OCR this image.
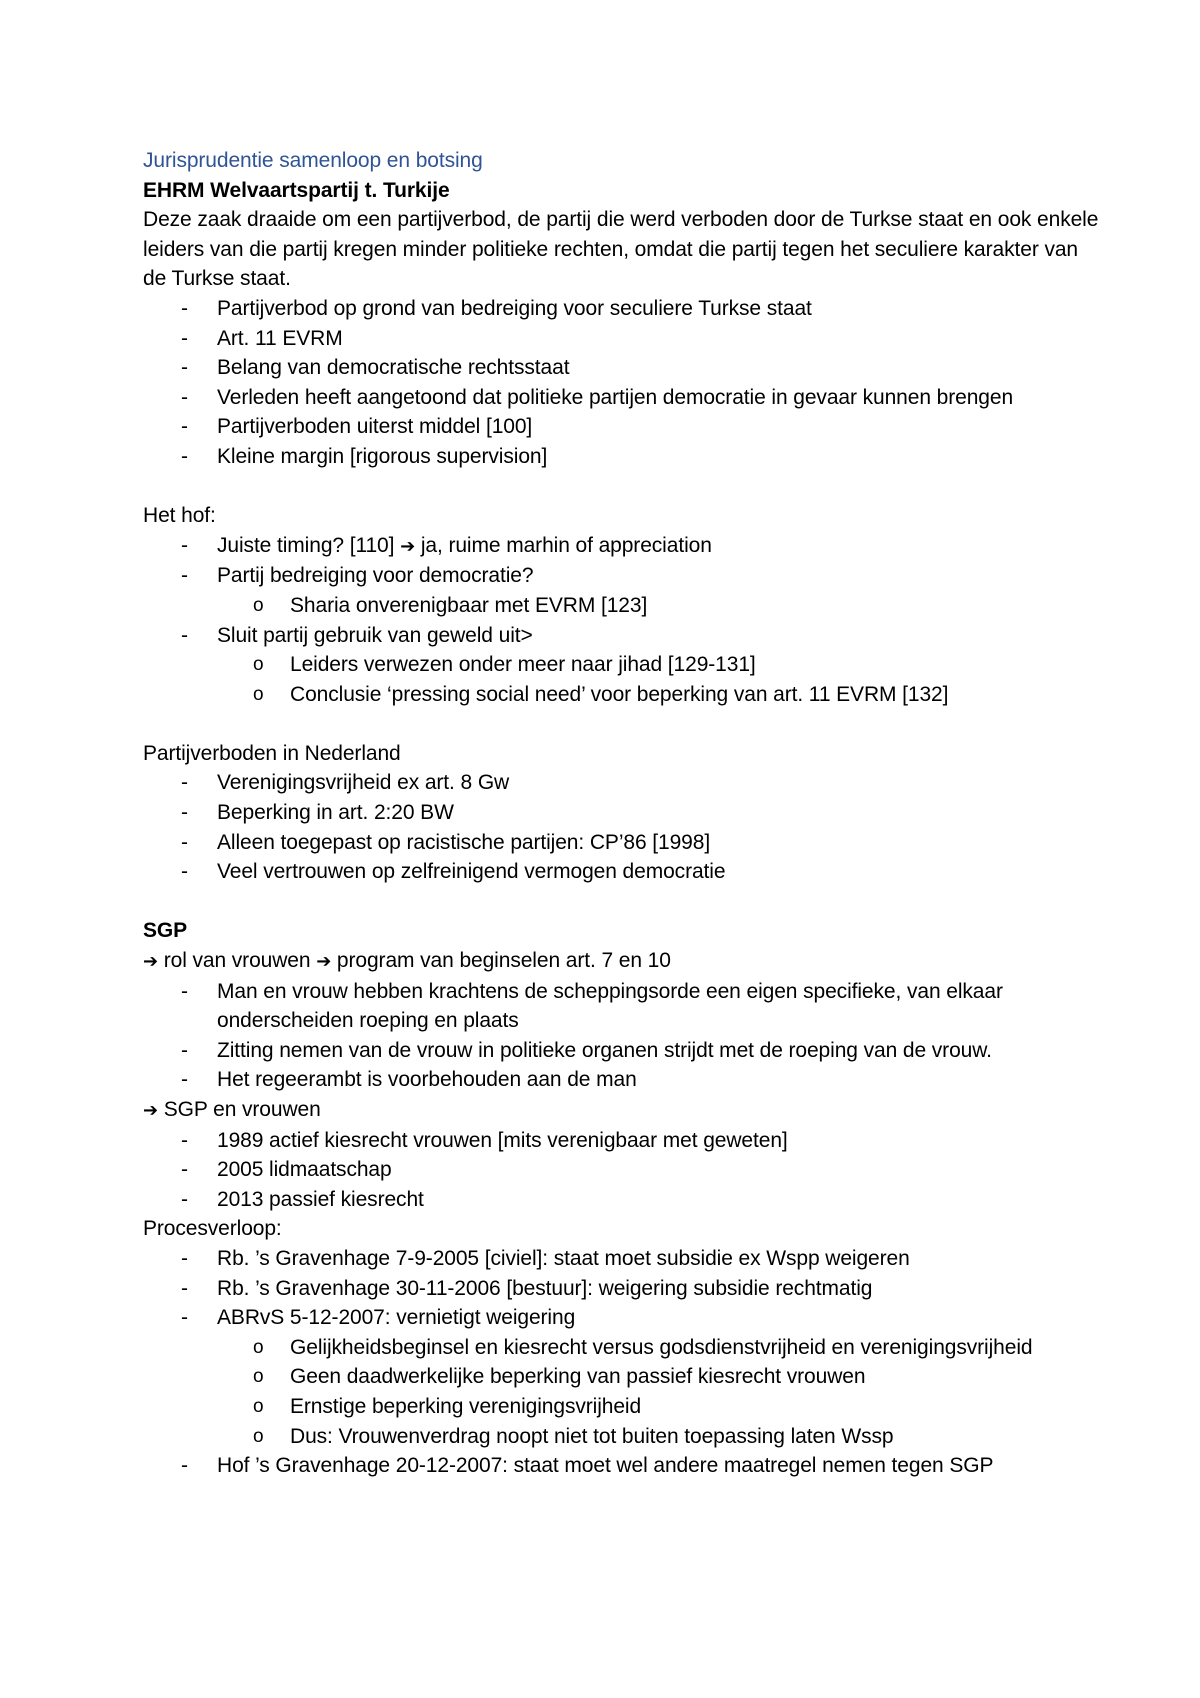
Jurisprudentie samenloop en botsing

EHRM Welvaartspartij t. Turkije

Deze zaak draaide om een partijverbod, de partij die werd verboden door de Turkse staat en ook enkele leiders van die partij kregen minder politieke rechten, omdat die partij tegen het seculiere karakter van de Turkse staat.

- Partijverbod op grond van bedreiging voor seculiere Turkse staat
- Art. 11 EVRM
- Belang van democratische rechtsstaat
- Verleden heeft aangetoond dat politieke partijen democratie in gevaar kunnen brengen
- Partijverboden uiterst middel [100]
- Kleine margin [rigorous supervision]

Het hof:

- Juiste timing? [110] ➔ ja, ruime marhin of appreciation
- Partij bedreiging voor democratie?
o Sharia onverenigbaar met EVRM [123]
- Sluit partij gebruik van geweld uit>
o Leiders verwezen onder meer naar jihad [129-131]
o Conclusie ‘pressing social need’ voor beperking van art. 11 EVRM [132]

Partijverboden in Nederland

- Verenigingsvrijheid ex art. 8 Gw
- Beperking in art. 2:20 BW
- Alleen toegepast op racistische partijen: CP’86 [1998]
- Veel vertrouwen op zelfreinigend vermogen democratie

SGP

➔ rol van vrouwen ➔ program van beginselen art. 7 en 10

- Man en vrouw hebben krachtens de scheppingsorde een eigen specifieke, van elkaar onderscheiden roeping en plaats
- Zitting nemen van de vrouw in politieke organen strijdt met de roeping van de vrouw.
- Het regeerambt is voorbehouden aan de man

➔ SGP en vrouwen

- 1989 actief kiesrecht vrouwen [mits verenigbaar met geweten]
- 2005 lidmaatschap
- 2013 passief kiesrecht

Procesverloop:

- Rb. ’s Gravenhage 7-9-2005 [civiel]: staat moet subsidie ex Wspp weigeren
- Rb. ’s Gravenhage 30-11-2006 [bestuur]: weigering subsidie rechtmatig
- ABRvS 5-12-2007: vernietigt weigering
o Gelijkheidsbeginsel en kiesrecht versus godsdienstvrijheid en verenigingsvrijheid
o Geen daadwerkelijke beperking van passief kiesrecht vrouwen
o Ernstige beperking verenigingsvrijheid
o Dus: Vrouwenverdrag noopt niet tot buiten toepassing laten Wssp
- Hof ’s Gravenhage 20-12-2007: staat moet wel andere maatregel nemen tegen SGP
